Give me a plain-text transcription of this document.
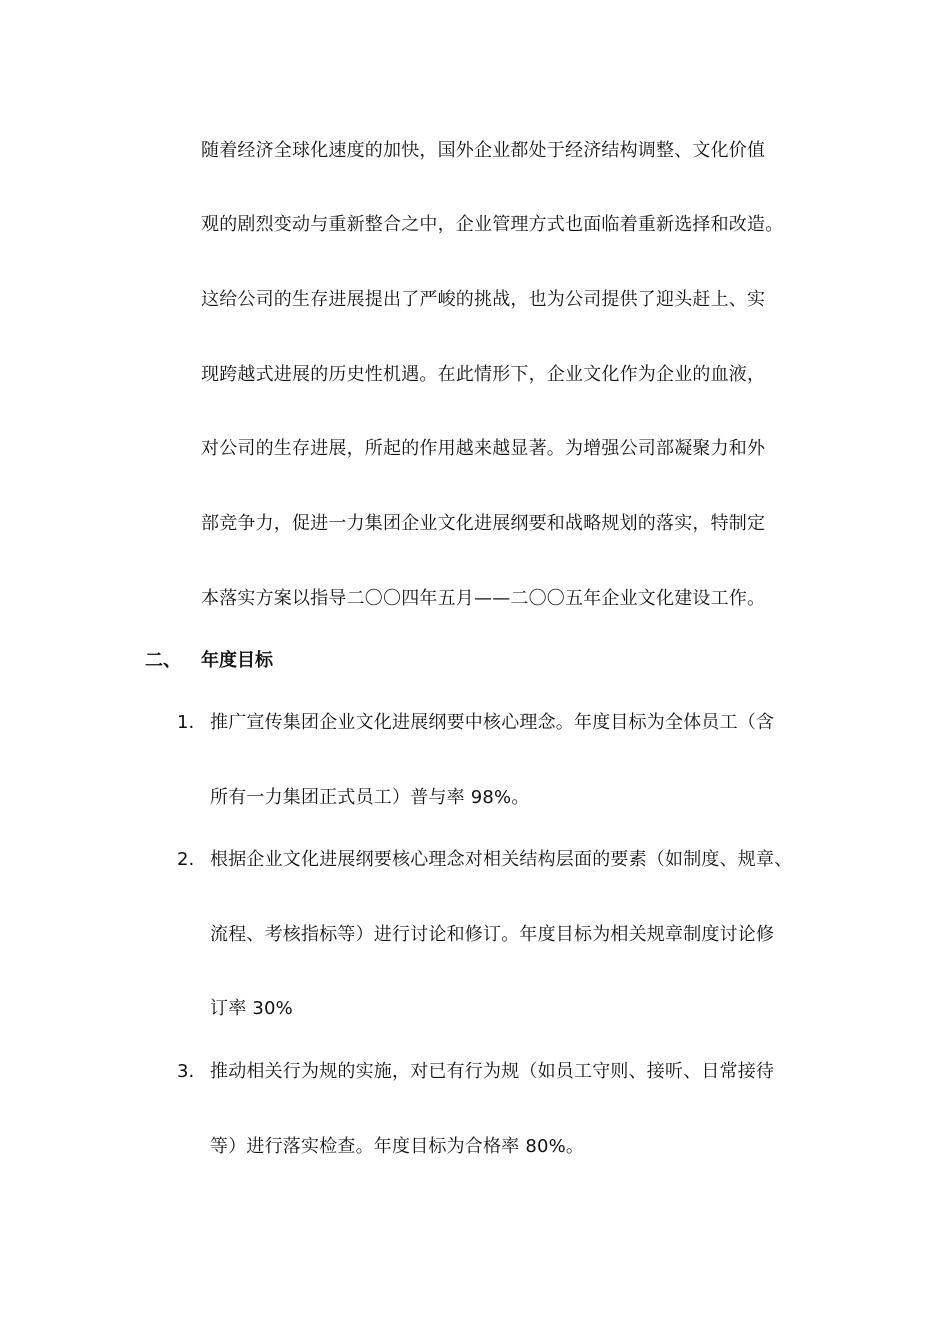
随着经济全球化速度的加快，国外企业都处于经济结构调整、文化价值
观的剧烈变动与重新整合之中，企业管理方式也面临着重新选择和改造。
这给公司的生存进展提出了严峻的挑战，也为公司提供了迎头赶上、实
现跨越式进展的历史性机遇。在此情形下，企业文化作为企业的血液，
对公司的生存进展，所起的作用越来越显著。为增强公司部凝聚力和外
部竞争力，促进一力集团企业文化进展纲要和战略规划的落实，特制定
本落实方案以指导二〇〇四年五月——二〇〇五年企业文化建设工作。
二、 年度目标
1. 推广宣传集团企业文化进展纲要中核心理念。年度目标为全体员工（含
所有一力集团正式员工）普与率 98%。
2. 根据企业文化进展纲要核心理念对相关结构层面的要素（如制度、规章、
流程、考核指标等）进行讨论和修订。年度目标为相关规章制度讨论修
订率 30%
3. 推动相关行为规的实施，对已有行为规（如员工守则、接听、日常接待
等）进行落实检查。年度目标为合格率 80%。
